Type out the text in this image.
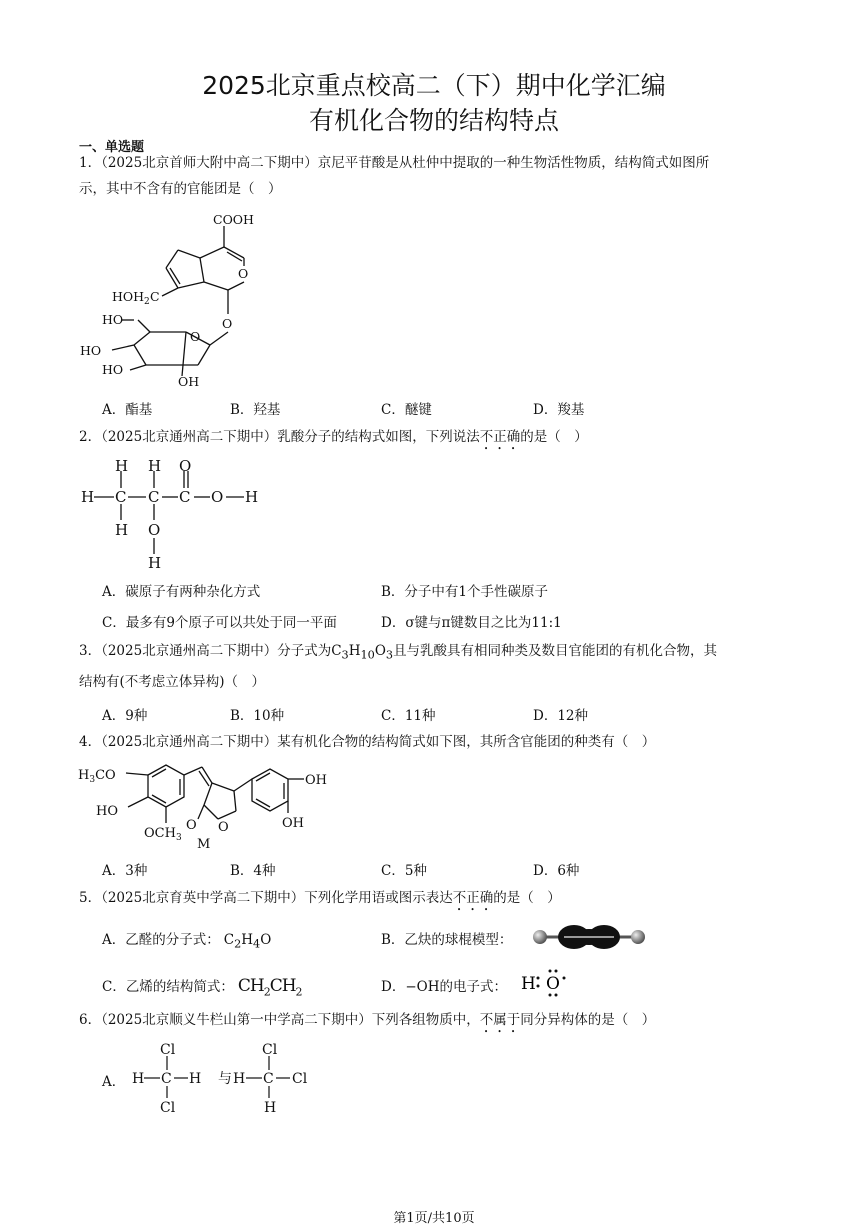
2025北京重点校高二（下）期中化学汇编
有机化合物的结构特点
一、单选题
1．（2025北京首师大附中高二下期中）京尼平苷酸是从杜仲中提取的一种生物活性物质，结构简式如图所
示，其中不含有的官能团是（　）
COOH
O
HOH 2 C
O
O
HO
HO
HO
OH
A．酯基	B．羟基	C．醚键	D．羧基
2．（2025北京通州高二下期中）乳酸分子的结构式如图，下列说法不正确的是（　）
H C C C O H
H
H
H
O
H
O
A．碳原子有两种杂化方式	B．分子中有1个手性碳原子
C．最多有9个原子可以共处于同一平面	D．σ键与π键数目之比为11:1
3．（2025北京通州高二下期中）分子式为$C_3H_{10}O_3$且与乳酸具有相同种类及数目官能团的有机化合物，其
结构有(不考虑立体异构)（　）
A．9种	B．10种	C．11种	D．12种
4．（2025北京通州高二下期中）某有机化合物的结构简式如下图，其所含官能团的种类有（　）
$H_3CO$
HO
$OCH_3$
O O
OH
OH
M
A．3种	B．4种	C．5种	D．6种
5．（2025北京育英中学高二下期中）下列化学用语或图示表达不正确的是（　）
A．乙醛的分子式： $C_2H_4O$	B．乙炔的球棍模型：
C．乙烯的结构简式： $CH_2CH_2$	D．−OH的电子式： H O
6．（2025北京顺义牛栏山第一中学高二下期中）下列各组物质中，不属于同分异构体的是（　）
A．
Cl
H C H
Cl
与
Cl
H C Cl
H
第1页/共10页
